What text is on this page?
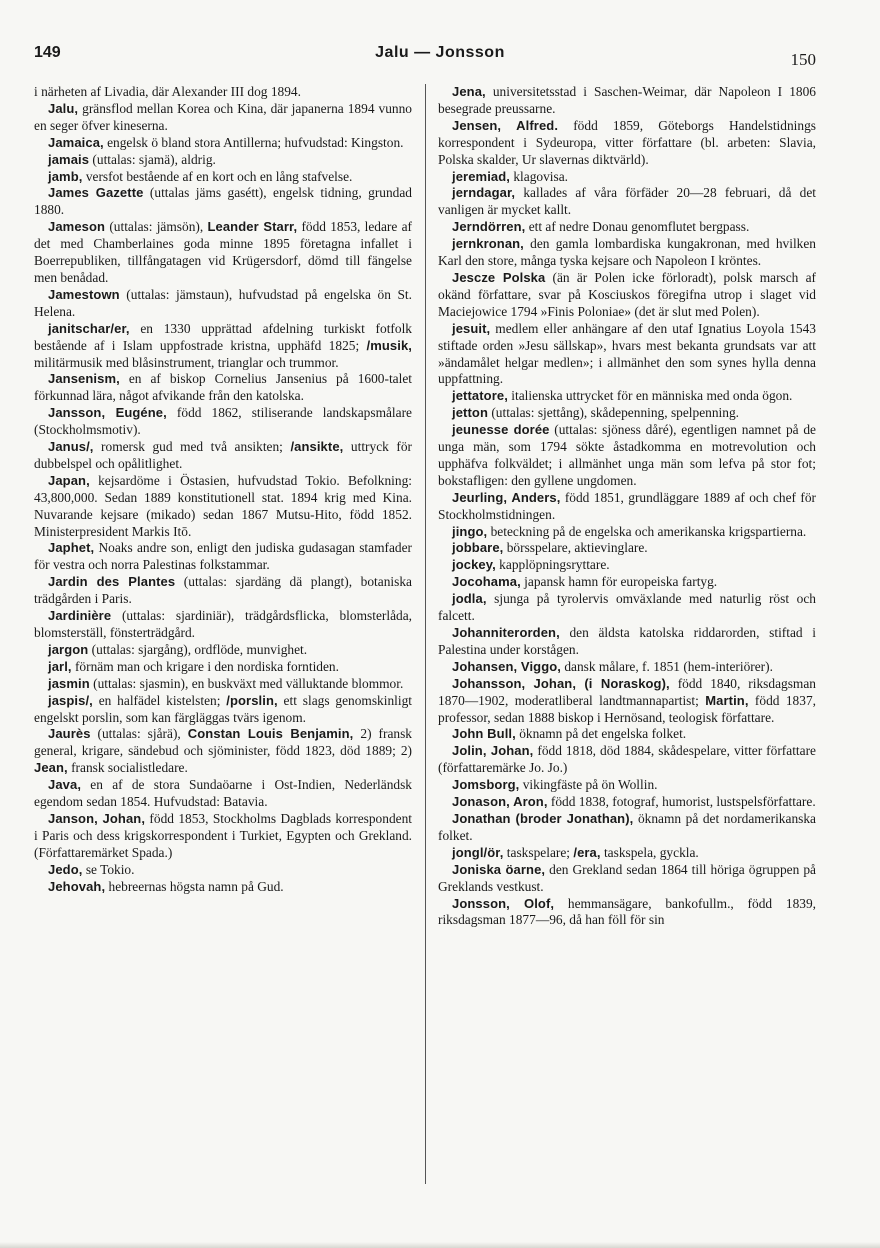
149	Jalu — Jonsson	150

i närheten af Livadia, där Alexander III dog 1894.

Jalu, gränsflod mellan Korea och Kina, där japanerna 1894 vunno en seger öfver kineserna.

Jamaica, engelsk ö bland stora Antillerna; hufvudstad: Kingston.

jamais (uttalas: sjamä), aldrig.

jamb, versfot bestående af en kort och en lång stafvelse.

James Gazette (uttalas jäms gasétt), engelsk tidning, grundad 1880.

Jameson (uttalas: jämsön), Leander Starr, född 1853, ledare af det med Chamberlaines goda minne 1895 företagna infallet i Boerrepubliken, tillfångatagen vid Krügersdorf, dömd till fängelse men benådad.

Jamestown (uttalas: jämstaun), hufvudstad på engelska ön St. Helena.

janitschar/er, en 1330 upprättad afdelning turkiskt fotfolk bestående af i Islam uppfostrade kristna, upphäfd 1825; /musik, militärmusik med blåsinstrument, trianglar och trummor.

Jansenism, en af biskop Cornelius Jansenius på 1600-talet förkunnad lära, något afvikande från den katolska.

Jansson, Eugéne, född 1862, stiliserande landskapsmålare (Stockholmsmotiv).

Janus/, romersk gud med två ansikten; /ansikte, uttryck för dubbelspel och opålitlighet.

Japan, kejsardöme i Östasien, hufvudstad Tokio. Befolkning: 43,800,000. Sedan 1889 konstitutionell stat. 1894 krig med Kina. Nuvarande kejsare (mikado) sedan 1867 Mutsu-Hito, född 1852. Ministerpresident Markis Itō.

Japhet, Noaks andre son, enligt den judiska gudasagan stamfader för vestra och norra Palestinas folkstammar.

Jardin des Plantes (uttalas: sjardäng dä plangt), botaniska trädgården i Paris.

Jardinière (uttalas: sjardiniär), trädgårdsflicka, blomsterlåda, blomsterställ, fönsterträdgård.

jargon (uttalas: sjargång), ordflöde, munvighet.

jarl, förnäm man och krigare i den nordiska forntiden.

jasmin (uttalas: sjasmin), en buskväxt med välluktande blommor.

jaspis/, en halfädel kistelsten; /porslin, ett slags genomskinligt engelskt porslin, som kan färgläggas tvärs igenom.

Jaurès (uttalas: sjårä), Constan Louis Benjamin, 2) fransk general, krigare, sändebud och sjöminister, född 1823, död 1889; 2) Jean, fransk socialistledare.

Java, en af de stora Sundaöarne i Ost-Indien, Nederländsk egendom sedan 1854. Hufvudstad: Batavia.

Janson, Johan, född 1853, Stockholms Dagblads korrespondent i Paris och dess krigskorrespondent i Turkiet, Egypten och Grekland. (Författaremärket Spada.)

Jedo, se Tokio.

Jehovah, hebreernas högsta namn på Gud.

Jena, universitetsstad i Saschen-Weimar, där Napoleon I 1806 besegrade preussarne.

Jensen, Alfred. född 1859, Göteborgs Handelstidnings korrespondent i Sydeuropa, vitter författare (bl. arbeten: Slavia, Polska skalder, Ur slavernas diktvärld).

jeremiad, klagovisa.

jerndagar, kallades af våra förfäder 20—28 februari, då det vanligen är mycket kallt.

Jerndörren, ett af nedre Donau genomflutet bergpass.

jernkronan, den gamla lombardiska kungakronan, med hvilken Karl den store, många tyska kejsare och Napoleon I kröntes.

Jescze Polska (än är Polen icke förloradt), polsk marsch af okänd författare, svar på Kosciuskos föregifna utrop i slaget vid Maciejowice 1794 »Finis Poloniae» (det är slut med Polen).

jesuit, medlem eller anhängare af den utaf Ignatius Loyola 1543 stiftade orden »Jesu sällskap», hvars mest bekanta grundsats var att »ändamålet helgar medlen»; i allmänhet den som synes hylla denna uppfattning.

jettatore, italienska uttrycket för en människa med onda ögon.

jetton (uttalas: sjettång), skådepenning, spelpenning.

jeunesse dorée (uttalas: sjöness dåré), egentligen namnet på de unga män, som 1794 sökte åstadkomma en motrevolution och upphäfva folkväldet; i allmänhet unga män som lefva på stor fot; bokstafligen: den gyllene ungdomen.

Jeurling, Anders, född 1851, grundläggare 1889 af och chef för Stockholmstidningen.

jingo, beteckning på de engelska och amerikanska krigspartierna.

jobbare, börsspelare, aktievinglare.

jockey, kapplöpningsryttare.

Jocohama, japansk hamn för europeiska fartyg.

jodla, sjunga på tyrolervis omväxlande med naturlig röst och falcett.

Johanniterorden, den äldsta katolska riddarorden, stiftad i Palestina under korstågen.

Johansen, Viggo, dansk målare, f. 1851 (hem-interiörer).

Johansson, Johan, (i Noraskog), född 1840, riksdagsman 1870—1902, moderatliberal landtmannapartist; Martin, född 1837, professor, sedan 1888 biskop i Hernösand, teologisk författare.

John Bull, öknamn på det engelska folket.

Jolin, Johan, född 1818, död 1884, skådespelare, vitter författare (författaremärke Jo. Jo.)

Jomsborg, vikingfäste på ön Wollin.

Jonason, Aron, född 1838, fotograf, humorist, lustspelsförfattare.

Jonathan (broder Jonathan), öknamn på det nordamerikanska folket.

jongl/ör, taskspelare; /era, taskspela, gyckla.

Joniska öarne, den Grekland sedan 1864 till höriga ögruppen på Greklands vestkust.

Jonsson, Olof, hemmansägare, bankofullm., född 1839, riksdagsman 1877—96, då han föll för sin
